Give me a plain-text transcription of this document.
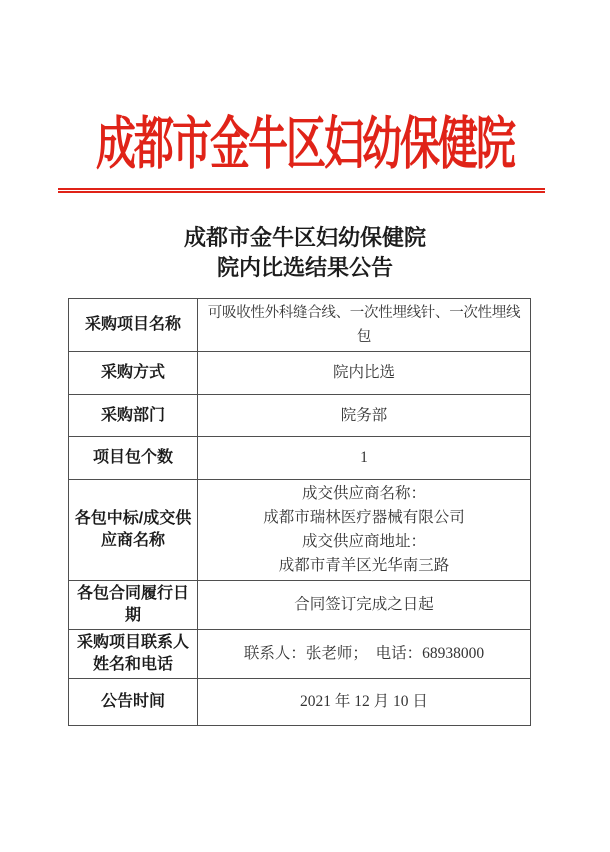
成都市金牛区妇幼保健院
成都市金牛区妇幼保健院
院内比选结果公告
采购项目名称	可吸收性外科缝合线、一次性埋线针、一次性埋线包
采购方式	院内比选
采购部门	院务部
项目包个数	1
各包中标/成交供应商名称	成交供应商名称：
成都市瑞林医疗器械有限公司
成交供应商地址：
成都市青羊区光华南三路

各包合同履行日期	合同签订完成之日起
采购项目联系人姓名和电话	联系人：张老师；　电话：68938000
公告时间	2021 年 12 月 10 日
